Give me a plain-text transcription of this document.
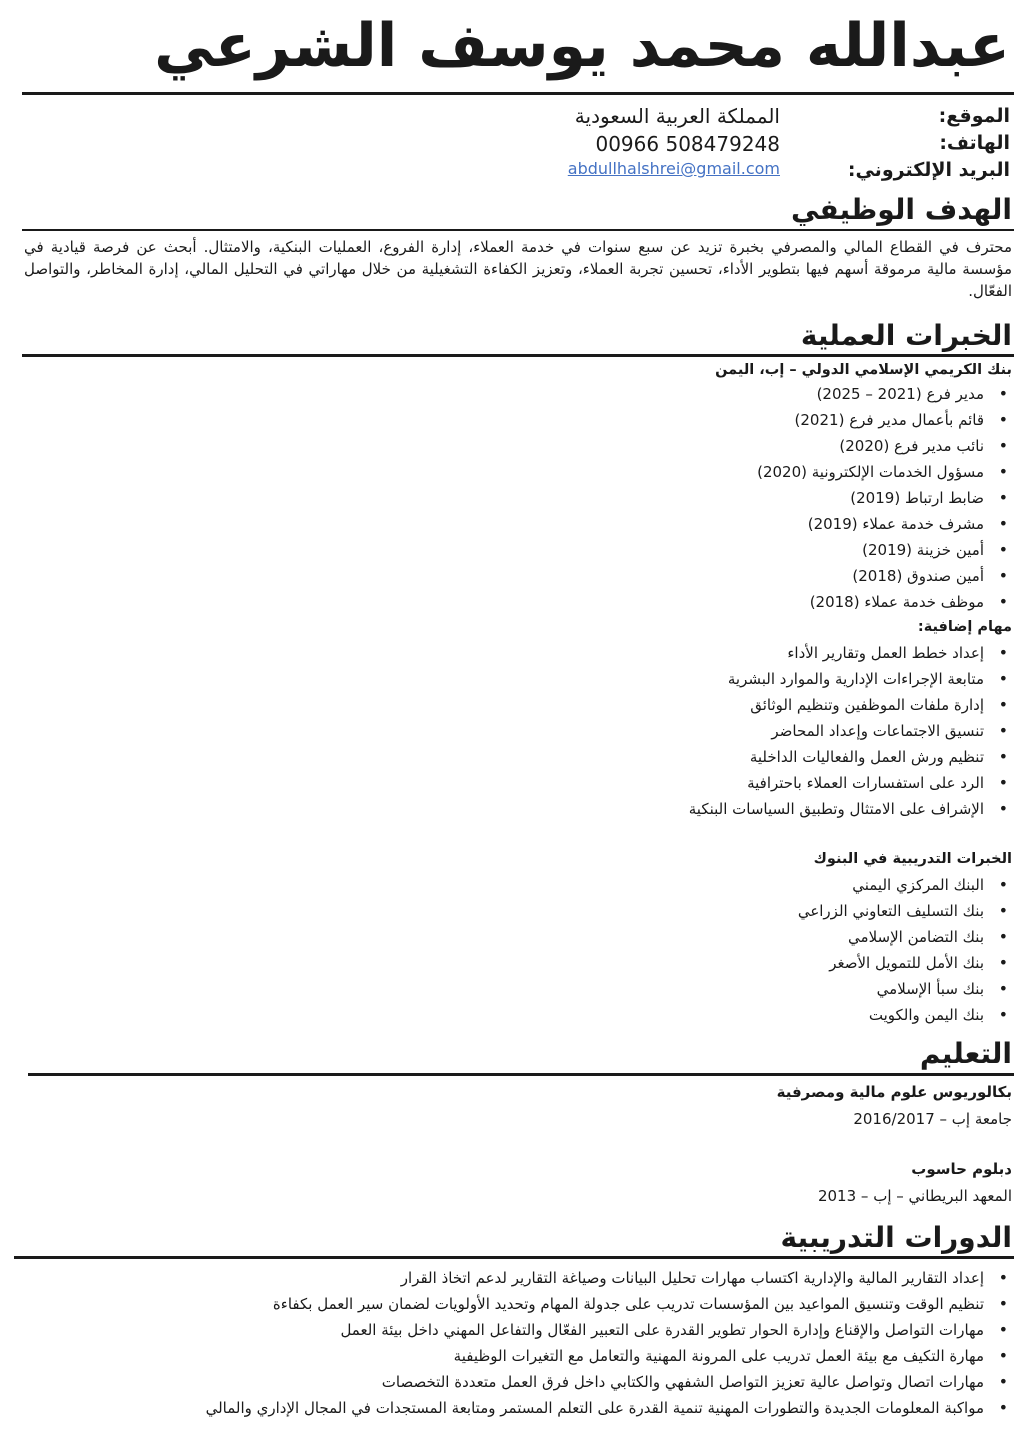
عبدالله محمد يوسف الشرعي
الموقع:
المملكة العربية السعودية
الهاتف:
00966 508479248
البريد الإلكتروني:
abdullhalshrei@gmail.com
الهدف الوظيفي
محترف في القطاع المالي والمصرفي بخبرة تزيد عن سبع سنوات في خدمة العملاء، إدارة الفروع، العمليات البنكية، والامتثال. أبحث عن فرصة قيادية في مؤسسة مالية مرموقة أسهم فيها بتطوير الأداء، تحسين تجربة العملاء، وتعزيز الكفاءة التشغيلية من خلال مهاراتي في التحليل المالي، إدارة المخاطر، والتواصل الفعّال.
الخبرات العملية
بنك الكريمي الإسلامي الدولي – إب، اليمن
• مدير فرع (2021 – 2025)
• قائم بأعمال مدير فرع (2021)
• نائب مدير فرع (2020)
• مسؤول الخدمات الإلكترونية (2020)
• ضابط ارتباط (2019)
• مشرف خدمة عملاء (2019)
• أمين خزينة (2019)
• أمين صندوق (2018)
• موظف خدمة عملاء (2018)
مهام إضافية:
• إعداد خطط العمل وتقارير الأداء
• متابعة الإجراءات الإدارية والموارد البشرية
• إدارة ملفات الموظفين وتنظيم الوثائق
• تنسيق الاجتماعات وإعداد المحاضر
• تنظيم ورش العمل والفعاليات الداخلية
• الرد على استفسارات العملاء باحترافية
• الإشراف على الامتثال وتطبيق السياسات البنكية
الخبرات التدريبية في البنوك
• البنك المركزي اليمني
• بنك التسليف التعاوني الزراعي
• بنك التضامن الإسلامي
• بنك الأمل للتمويل الأصغر
• بنك سبأ الإسلامي
• بنك اليمن والكويت
التعليم
بكالوريوس علوم مالية ومصرفية
جامعة إب – 2016/2017
دبلوم حاسوب
المعهد البريطاني – إب – 2013
الدورات التدريبية
• إعداد التقارير المالية والإدارية اكتساب مهارات تحليل البيانات وصياغة التقارير لدعم اتخاذ القرار
• تنظيم الوقت وتنسيق المواعيد بين المؤسسات تدريب على جدولة المهام وتحديد الأولويات لضمان سير العمل بكفاءة
• مهارات التواصل والإقناع وإدارة الحوار تطوير القدرة على التعبير الفعّال والتفاعل المهني داخل بيئة العمل
• مهارة التكيف مع بيئة العمل تدريب على المرونة المهنية والتعامل مع التغيرات الوظيفية
• مهارات اتصال وتواصل عالية تعزيز التواصل الشفهي والكتابي داخل فرق العمل متعددة التخصصات
• مواكبة المعلومات الجديدة والتطورات المهنية تنمية القدرة على التعلم المستمر ومتابعة المستجدات في المجال الإداري والمالي
